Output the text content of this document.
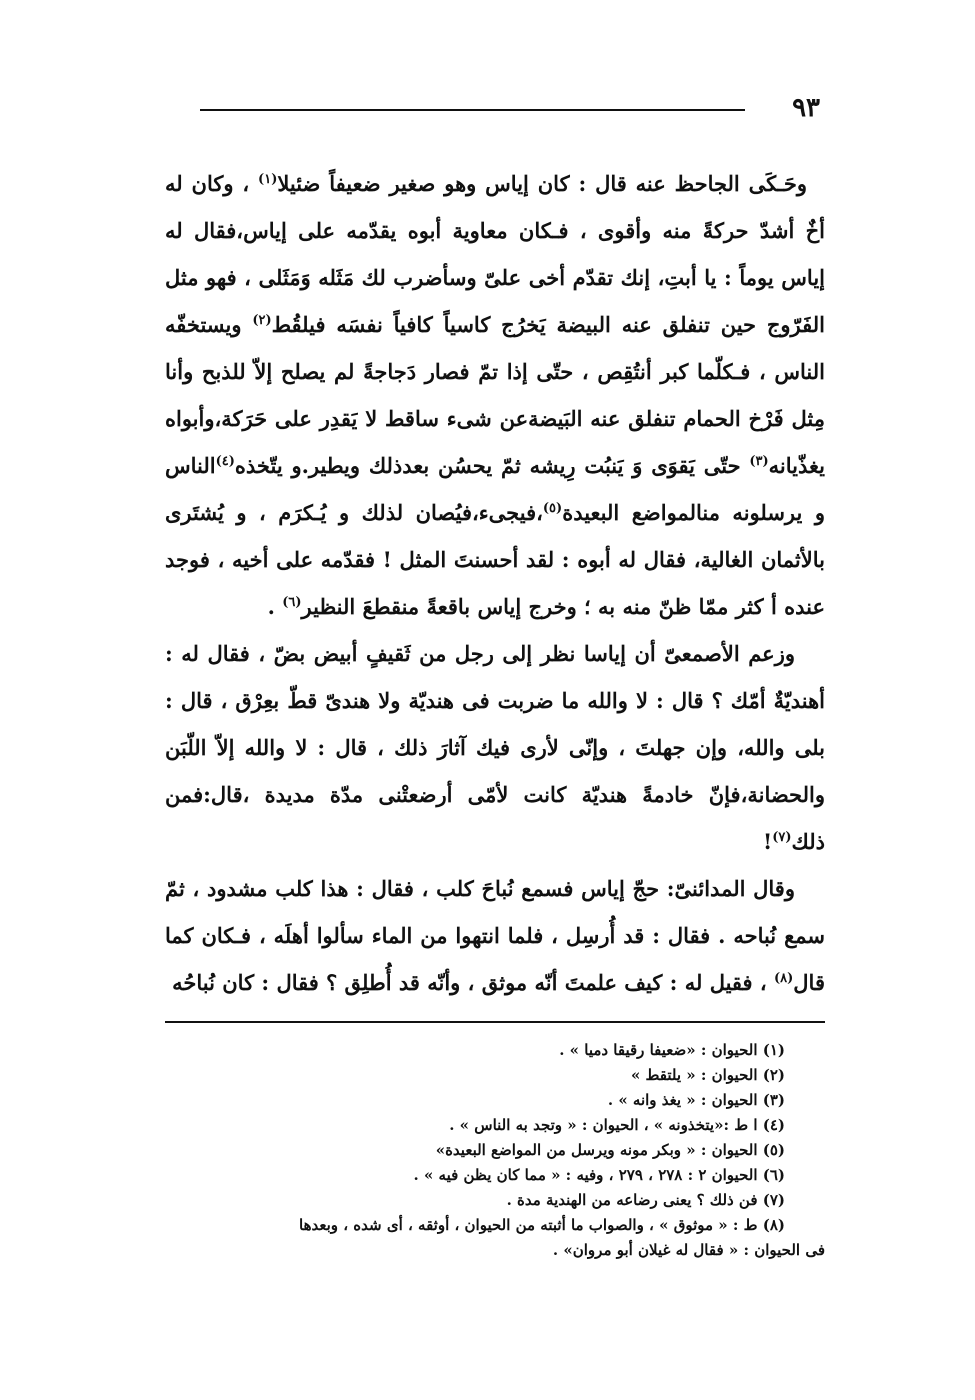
٩٣

وحَـكَى الجاحظ عنه قال : كان إياس وهو صغير ضعيفاً ضئيلا$^{(١)}$ ، وكان له أخٌ أشدّ حركةً منه وأقوى ، فـكان معاوية أبوه يقدّمه على إياس،فقال له إياس يوماً : يا أبتِ، إنك تقدّم أخى علىّ وسأضرب لك مَثَله وَمَثَلى ، فهو مثل الفَرّوج حين تنفلق عنه البيضة يَخرُج كاسياً كافياً نفسَه فيلقُط$^{(٢)}$ ويستخفّه الناس ، فـكلّما كبر أنتُقِص ، حتّى إذا تمّ فصار دَجاجةً لم يصلح إلاّ للذبح وأنا مِثل فَرْخ الحمام تنفلق عنه البَيضةعن شىء ساقط لا يَقدِر على حَرَكة،وأبواه يغذّيانه$^{(٣)}$ حتّى يَقوَى وَ يَنبُت رِيشه ثمّ يحسُن بعدذلك ويطير.و يتّخذه$^{(٤)}$الناس و يرسلونه منالمواضع البعيدة$^{(٥)}$،فيجىء،فيُصان لذلك و يُـكرَم ، و يُشتَرى بالأثمان الغالية، فقال له أبوه : لقد أحسنتَ المثل ! فقدّمه على أخيه ، فوجد عنده أ كثر ممّا ظنّ منه به ؛ وخرج إياس باقعةً منقطعَ النظير$^{(٦)}$ .

وزعم الأصمعىّ أن إياسا نظر إلى رجل من ثَقيفٍ أبيض بضّ ، فقال له : أهنديّةٌ أمّك ؟ قال : لا والله ما ضربت فى هنديّة ولا هندىّ قطّ بعِرْق ، قال : بلى والله، وإن جهلتَ ، وإنّى لأرى فيك آثارَ ذلك ، قال : لا والله إلاّ اللّبَن والحضانة،فإنّ خادمةً هنديّة كانت لأمّى أرضعتْنى مدّة مديدة ،قال:فمن ذلك$^{(٧)}$!

وقال المدائنىّ: حجّ إياس فسمع نُباحَ كلب ، فقال : هذا كلب مشدود ، ثمّ سمع نُباحه . فقال : قد أُرسِل ، فلما انتهوا من الماء سألوا أهلَه ، فـكان كما قال$^{(٨)}$ ، فقيل له : كيف علمتَ أنّه موثق ، وأنّه قد أُطلِق ؟ فقال : كان نُباحُه

(١) الحيوان : «ضعيفا رقيقا دميا » .
(٢) الحيوان : « يلتقط »
(٣) الحيوان : « يغذ وانه » .
(٤) ا ط :«يتخذونه » ، الحيوان : « وتجد به الناس » .
(٥) الحيوان : « وبكر مونه ويرسل من المواضع البعيدة»
(٦) الحيوان ٢ : ٢٧٨ ، ٢٧٩ ، وفيه : « مما كان يظن فيه » .
(٧) فن ذلك ؟ يعنى رضاعه من الهندية مدة .
(٨) ط : « موثوق » ، والصواب ما أثبته من الحيوان ، أوثقه ، أى شده ، وبعدها
فى الحيوان : « فقال له غيلان أبو مروان» .
